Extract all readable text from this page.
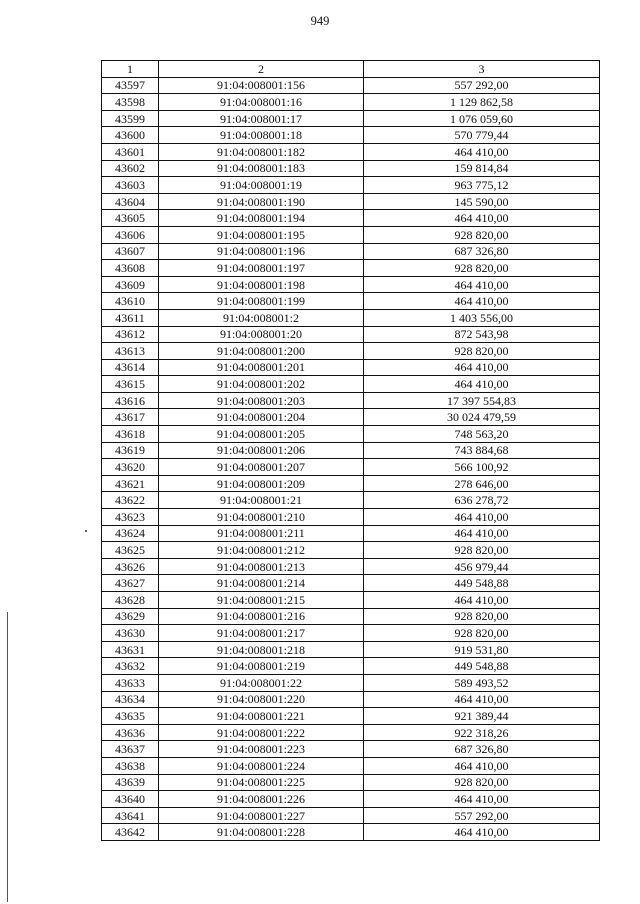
949
1	2	3
43597	91:04:008001:156	557 292,00
43598	91:04:008001:16	1 129 862,58
43599	91:04:008001:17	1 076 059,60
43600	91:04:008001:18	570 779,44
43601	91:04:008001:182	464 410,00
43602	91:04:008001:183	159 814,84
43603	91:04:008001:19	963 775,12
43604	91:04:008001:190	145 590,00
43605	91:04:008001:194	464 410,00
43606	91:04:008001:195	928 820,00
43607	91:04:008001:196	687 326,80
43608	91:04:008001:197	928 820,00
43609	91:04:008001:198	464 410,00
43610	91:04:008001:199	464 410,00
43611	91:04:008001:2	1 403 556,00
43612	91:04:008001:20	872 543,98
43613	91:04:008001:200	928 820,00
43614	91:04:008001:201	464 410,00
43615	91:04:008001:202	464 410,00
43616	91:04:008001:203	17 397 554,83
43617	91:04:008001:204	30 024 479,59
43618	91:04:008001:205	748 563,20
43619	91:04:008001:206	743 884,68
43620	91:04:008001:207	566 100,92
43621	91:04:008001:209	278 646,00
43622	91:04:008001:21	636 278,72
43623	91:04:008001:210	464 410,00
43624	91:04:008001:211	464 410,00
43625	91:04:008001:212	928 820,00
43626	91:04:008001:213	456 979,44
43627	91:04:008001:214	449 548,88
43628	91:04:008001:215	464 410,00
43629	91:04:008001:216	928 820,00
43630	91:04:008001:217	928 820,00
43631	91:04:008001:218	919 531,80
43632	91:04:008001:219	449 548,88
43633	91:04:008001:22	589 493,52
43634	91:04:008001:220	464 410,00
43635	91:04:008001:221	921 389,44
43636	91:04:008001:222	922 318,26
43637	91:04:008001:223	687 326,80
43638	91:04:008001:224	464 410,00
43639	91:04:008001:225	928 820,00
43640	91:04:008001:226	464 410,00
43641	91:04:008001:227	557 292,00
43642	91:04:008001:228	464 410,00
